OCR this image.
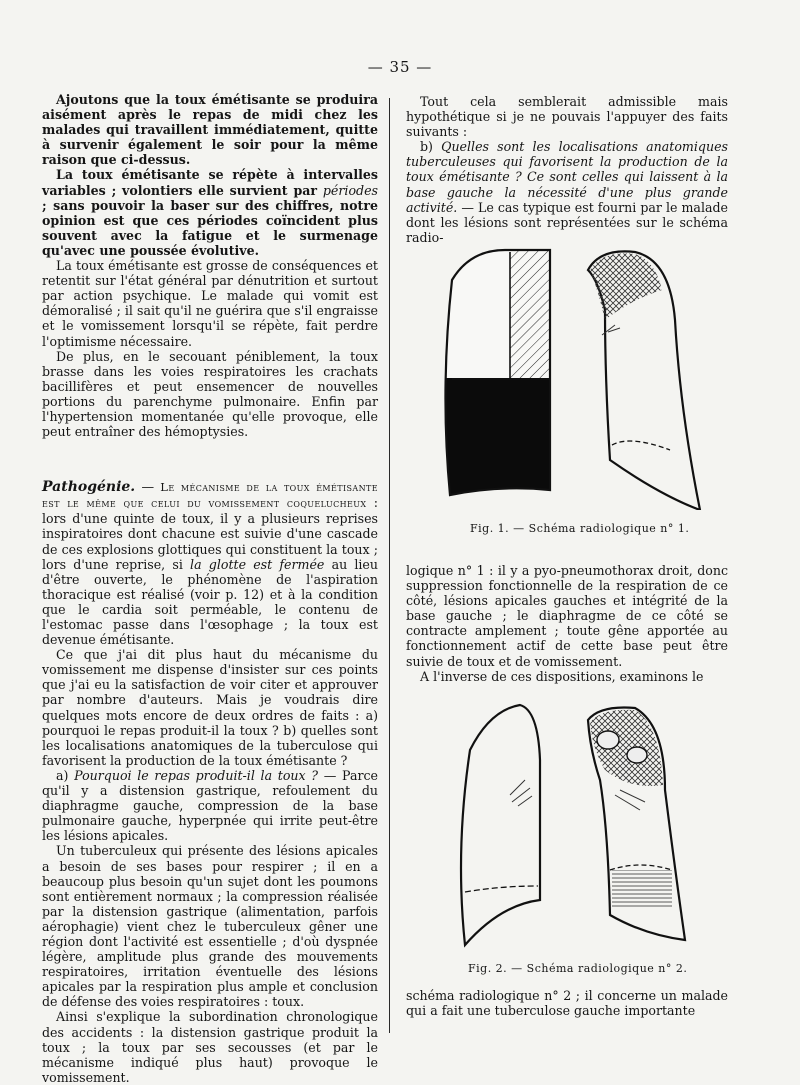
— 35 —

Ajoutons que la toux émétisante se produira aisément après le repas de midi chez les malades qui travaillent immédiatement, quitte à survenir également le soir pour la même raison que ci-dessus.

La toux émétisante se répète à intervalles variables ; volontiers elle survient par périodes ; sans pouvoir la baser sur des chiffres, notre opinion est que ces périodes coïncident plus souvent avec la fatigue et le surmenage qu'avec une poussée évolutive.

La toux émétisante est grosse de conséquences et retentit sur l'état général par dénutrition et surtout par action psychique. Le malade qui vomit est démoralisé ; il sait qu'il ne guérira que s'il engraisse et le vomissement lorsqu'il se répète, fait perdre l'optimisme nécessaire.

De plus, en le secouant péniblement, la toux brasse dans les voies respiratoires les crachats bacillifères et peut ensemencer de nouvelles portions du parenchyme pulmonaire. Enfin par l'hypertension momentanée qu'elle provoque, elle peut entraîner des hémoptysies.

Pathogénie. — Le mécanisme de la toux émétisante est le même que celui du vomissement coquelucheux : lors d'une quinte de toux, il y a plusieurs reprises inspiratoires dont chacune est suivie d'une cascade de ces explosions glottiques qui constituent la toux ; lors d'une reprise, si la glotte est fermée au lieu d'être ouverte, le phénomène de l'aspiration thoracique est réalisé (voir p. 12) et à la condition que le cardia soit perméable, le contenu de l'estomac passe dans l'œsophage ; la toux est devenue émétisante.

Ce que j'ai dit plus haut du mécanisme du vomissement me dispense d'insister sur ces points que j'ai eu la satisfaction de voir citer et approuver par nombre d'auteurs. Mais je voudrais dire quelques mots encore de deux ordres de faits : a) pourquoi le repas produit-il la toux ? b) quelles sont les localisations anatomiques de la tuberculose qui favorisent la production de la toux émétisante ?

a) Pourquoi le repas produit-il la toux ? — Parce qu'il y a distension gastrique, refoulement du diaphragme gauche, compression de la base pulmonaire gauche, hyperpnée qui irrite peut-être les lésions apicales.

Un tuberculeux qui présente des lésions apicales a besoin de ses bases pour respirer ; il en a beaucoup plus besoin qu'un sujet dont les poumons sont entièrement normaux ; la compression réalisée par la distension gastrique (alimentation, parfois aérophagie) vient chez le tuberculeux gêner une région dont l'activité est essentielle ; d'où dyspnée légère, amplitude plus grande des mouvements respiratoires, irritation éventuelle des lésions apicales par la respiration plus ample et conclusion de défense des voies respiratoires : toux.

Ainsi s'explique la subordination chronologique des accidents : la distension gastrique produit la toux ; la toux par ses secousses (et par le mécanisme indiqué plus haut) provoque le vomissement.

Tout cela semblerait admissible mais hypothétique si je ne pouvais l'appuyer des faits suivants :

b) Quelles sont les localisations anatomiques tuberculeuses qui favorisent la production de la toux émétisante ? Ce sont celles qui laissent à la base gauche la nécessité d'une plus grande activité. — Le cas typique est fourni par le malade dont les lésions sont représentées sur le schéma radio-

Fig. 1. — Schéma radiologique n° 1.

logique n° 1 : il y a pyo-pneumothorax droit, donc suppression fonctionnelle de la respiration de ce côté, lésions apicales gauches et intégrité de la base gauche ; le diaphragme de ce côté se contracte amplement ; toute gêne apportée au fonctionnement actif de cette base peut être suivie de toux et de vomissement.

A l'inverse de ces dispositions, examinons le

Fig. 2. — Schéma radiologique n° 2.

schéma radiologique n° 2 ; il concerne un malade qui a fait une tuberculose gauche importante
